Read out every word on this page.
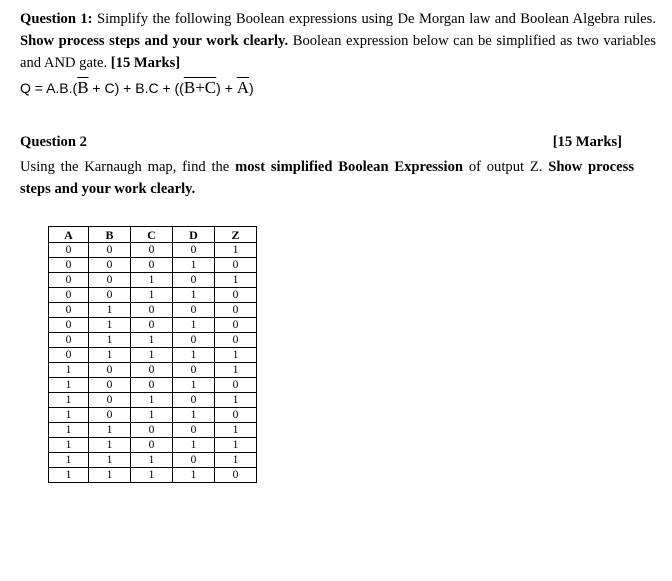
Question 1: Simplify the following Boolean expressions using De Morgan law and Boolean Algebra rules. Show process steps and your work clearly. Boolean expression below can be simplified as two variables and AND gate. [15 Marks]
$Q = A.B.(\overline{B} + C) + B.C + ((B+C) + \overline{A})$
Question 2	[15 Marks]
Using the Karnaugh map, find the most simplified Boolean Expression of output Z. Show process steps and your work clearly.
A	B	C	D	Z
0	0	0	0	1
0	0	0	1	0
0	0	1	0	1
0	0	1	1	0
0	1	0	0	0
0	1	0	1	0
0	1	1	0	0
0	1	1	1	1
1	0	0	0	1
1	0	0	1	0
1	0	1	0	1
1	0	1	1	0
1	1	0	0	1
1	1	0	1	1
1	1	1	0	1
1	1	1	1	0
